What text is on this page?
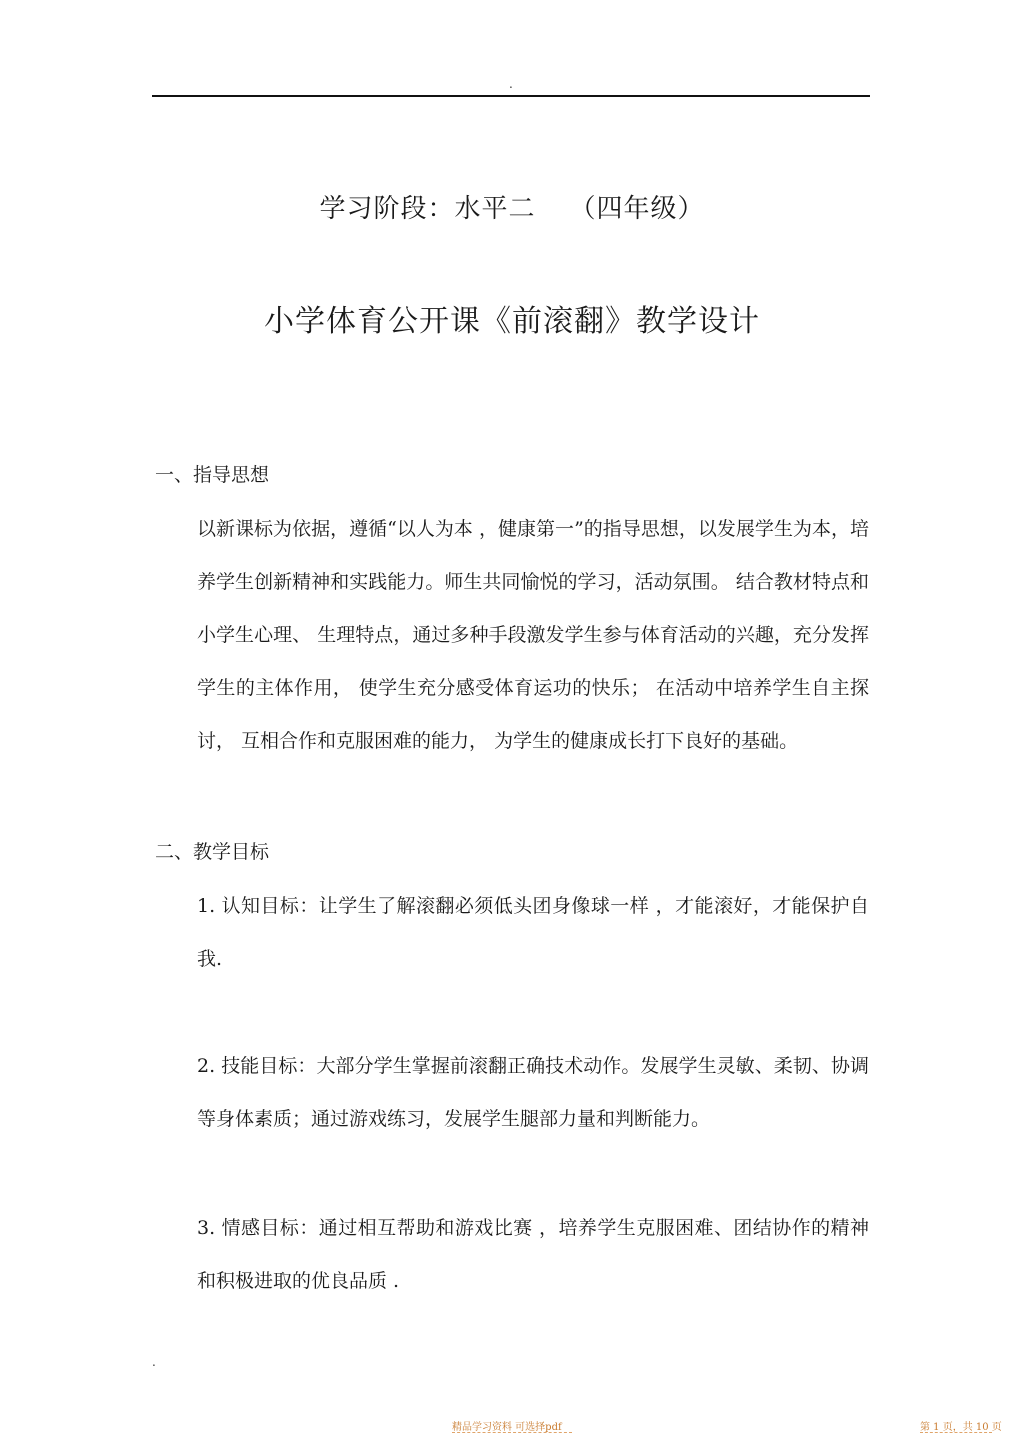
.
学习阶段：水平二 （四年级）
小学体育公开课《前滚翻》教学设计
一、指导思想
以新课标为依据，遵循“以人为本 ，健康第一”的指导思想，以发展学生为本，培养学生创新精神和实践能力。师生共同愉悦的学习，活动氛围。 结合教材特点和小学生心理、 生理特点，通过多种手段激发学生参与体育活动的兴趣，充分发挥学生的主体作用， 使学生充分感受体育运功的快乐； 在活动中培养学生自主探讨， 互相合作和克服困难的能力， 为学生的健康成长打下良好的基础。
二、教学目标
1. 认知目标：让学生了解滚翻必须低头团身像球一样 ，才能滚好，才能保护自我.
2. 技能目标：大部分学生掌握前滚翻正确技术动作。发展学生灵敏、柔韧、协调等身体素质；通过游戏练习，发展学生腿部力量和判断能力。
3. 情感目标：通过相互帮助和游戏比赛 ，培养学生克服困难、团结协作的精神和积极进取的优良品质 .
.
精品学习资料 可选择pdf	第 1 页，共 10 页
